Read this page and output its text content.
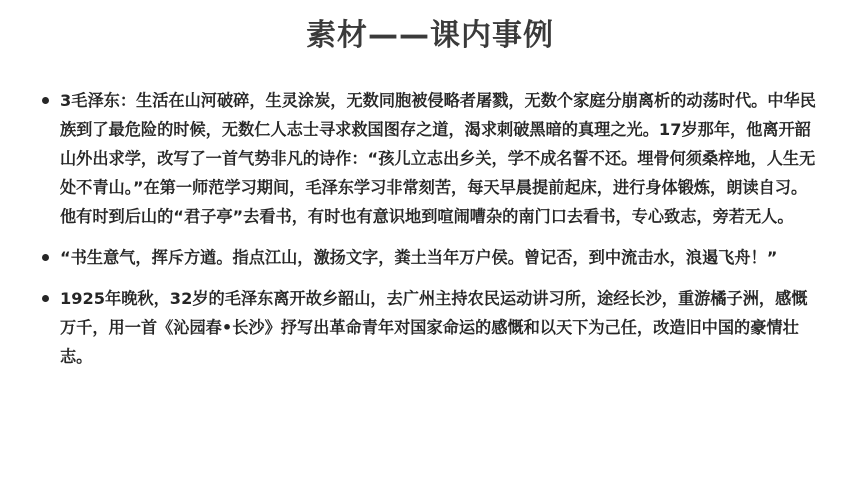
素材——课内事例
3毛泽东：生活在山河破碎，生灵涂炭，无数同胞被侵略者屠戮，无数个家庭分崩离析的动荡时代。中华民族到了最危险的时候，无数仁人志士寻求救国图存之道，渴求刺破黑暗的真理之光。17岁那年，他离开韶山外出求学，改写了一首气势非凡的诗作：“孩儿立志出乡关，学不成名誓不还。埋骨何须桑梓地，人生无处不青山。”在第一师范学习期间，毛泽东学习非常刻苦，每天早晨提前起床，进行身体锻炼，朗读自习。他有时到后山的“君子亭”去看书，有时也有意识地到喧闹嘈杂的南门口去看书，专心致志，旁若无人。
“书生意气，挥斥方遒。指点江山，激扬文字，粪土当年万户侯。曾记否，到中流击水，浪遏飞舟！”
1925年晚秋，32岁的毛泽东离开故乡韶山，去广州主持农民运动讲习所，途经长沙，重游橘子洲，感慨万千，用一首《沁园春•长沙》抒写出革命青年对国家命运的感慨和以天下为己任，改造旧中国的豪情壮志。
